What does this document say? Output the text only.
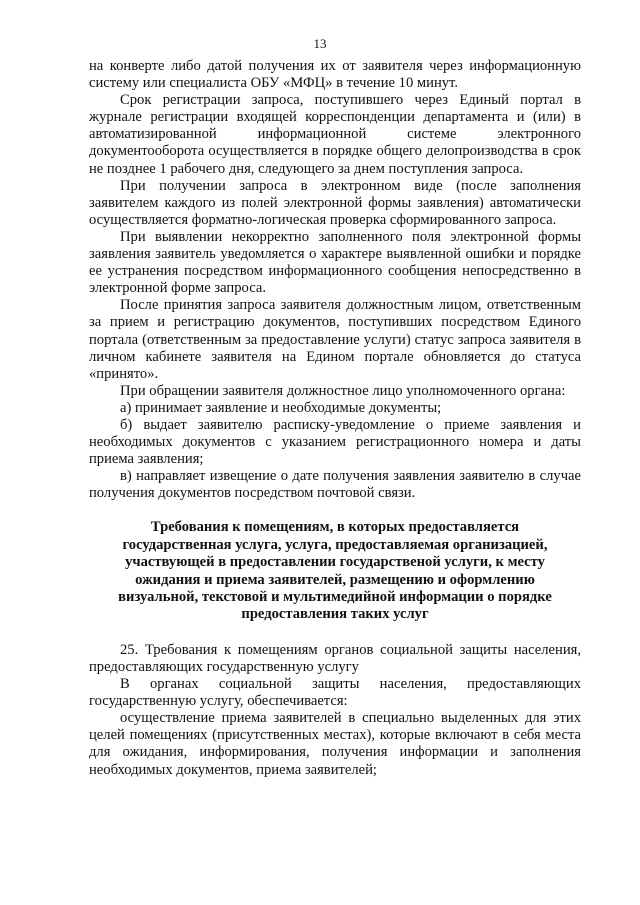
13

на конверте либо датой получения их от заявителя через информационную систему или специалиста ОБУ «МФЦ» в течение 10 минут.

Срок регистрации запроса, поступившего через Единый портал в журнале регистрации входящей корреспонденции департамента и (или) в автоматизированной информационной системе электронного документооборота осуществляется в порядке общего делопроизводства в срок не позднее 1 рабочего дня, следующего за днем поступления запроса.

При получении запроса в электронном виде (после заполнения заявителем каждого из полей электронной формы заявления) автоматически осуществляется форматно-логическая проверка сформированного запроса.

При выявлении некорректно заполненного поля электронной формы заявления заявитель уведомляется о характере выявленной ошибки и порядке ее устранения посредством информационного сообщения непосредственно в электронной форме запроса.

После принятия запроса заявителя должностным лицом, ответственным за прием и регистрацию документов, поступивших посредством Единого портала (ответственным за предоставление услуги) статус запроса заявителя в личном кабинете заявителя на Едином портале обновляется до статуса «принято».

При обращении заявителя должностное лицо уполномоченного органа:

а) принимает заявление и необходимые документы;

б) выдает заявителю расписку-уведомление о приеме заявления и необходимых документов с указанием регистрационного номера и даты приема заявления;

в) направляет извещение о дате получения заявления заявителю в случае получения документов посредством почтовой связи.

Требования к помещениям, в которых предоставляется государственная услуга, услуга, предоставляемая организацией, участвующей в предоставлении государственой услуги, к месту ожидания и приема заявителей, размещению и оформлению визуальной, текстовой и мультимедийной информации о порядке предоставления таких услуг

25. Требования к помещениям органов социальной защиты населения, предоставляющих государственную услугу

В органах социальной защиты населения, предоставляющих государственную услугу, обеспечивается:

осуществление приема заявителей в специально выделенных для этих целей помещениях (присутственных местах), которые включают в себя места для ожидания, информирования, получения информации и заполнения необходимых документов, приема заявителей;
